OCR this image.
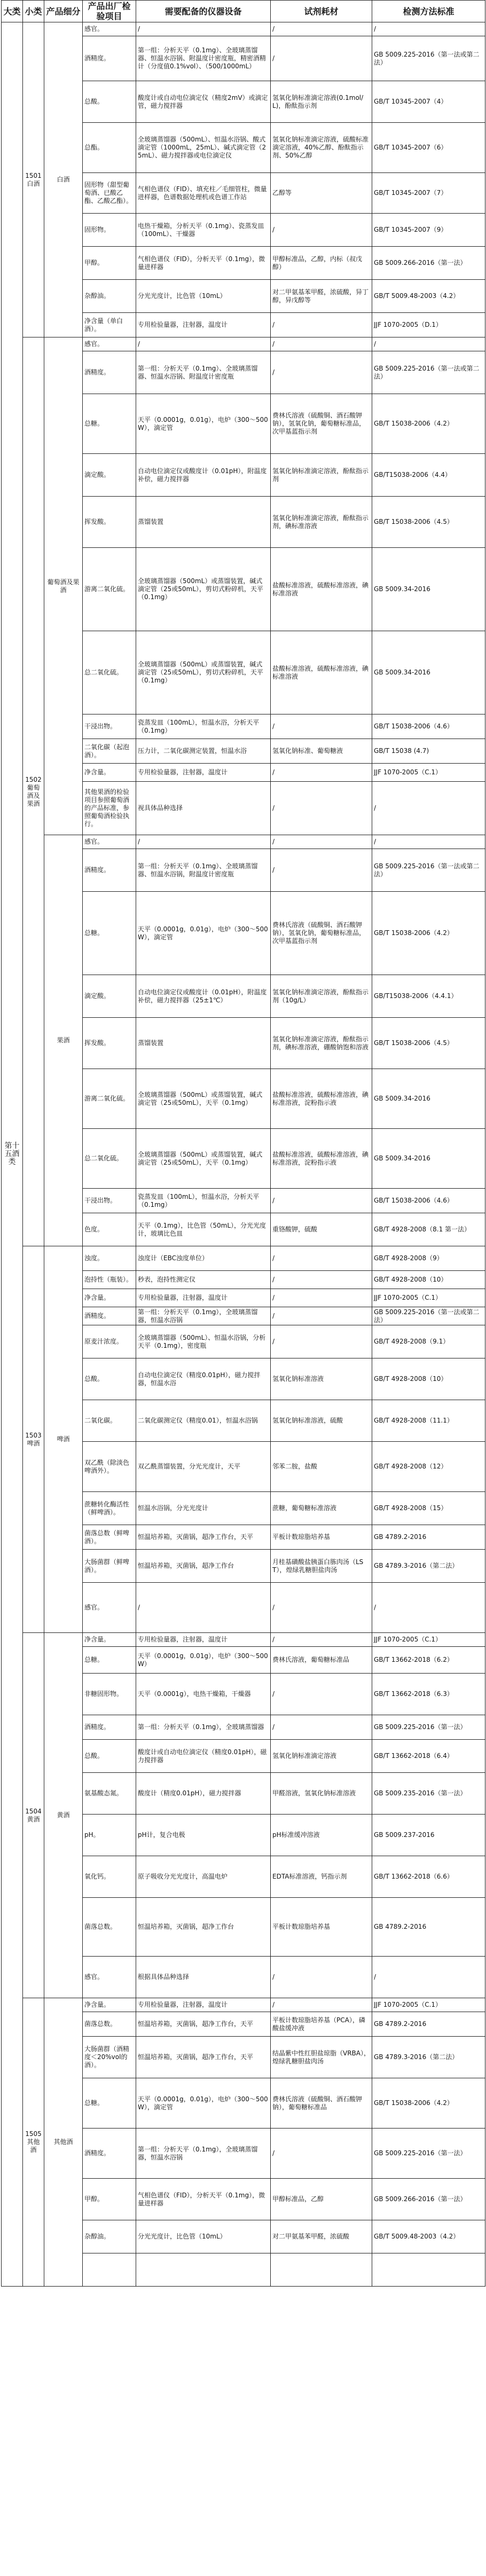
大类	小类	产品细分	产品出厂检验项目	需要配备的仪器设备	试剂耗材	检测方法标准
第十五酒类	1501白酒	白酒	感官。	/	/	/
			酒精度。	第一组：分析天平（0.1mg）、全玻璃蒸馏器、恒温水浴锅、附温度计密度瓶，精密酒精计（分度值0.1%vol）、（500/1000mL）	/	GB 5009.225-2016（第一法或第二法）
			总酸。	酸度计或自动电位滴定仪（精度2mV）或滴定管，磁力搅拌器	氢氧化钠标准滴定溶液(0.1mol/L)，酚酞指示剂	GB/T 10345-2007（4）
			总酯。	全玻璃蒸馏器（500mL）、恒温水浴锅、酸式滴定管（1000mL，25mL）、碱式滴定管（25mL）、磁力搅拌器或电位滴定仪	氢氧化钠标准滴定溶液，硫酸标准滴定溶液，40%乙醇、酚酞指示剂、50%乙醇	GB/T 10345-2007（6）
			固形物（甜型葡萄酒、已酸乙酯、乙酸乙酯）。	气相色谱仪（FID）、填充柱／毛细管柱，微量进样器，色谱数据处理机或色谱工作站	乙醇等	GB/T 10345-2007（7）
			固形物。	电热干燥箱，分析天平（0.1mg）、瓷蒸发皿（100mL）、干燥器	/	GB/T 10345-2007（9）
			甲醇。	气相色谱仪（FID），分析天平（0.1mg），微量进样器	甲醇标准品，乙醇，内标（叔戊醇）	GB 5009.266-2016（第一法）
			杂醇油。	分光光度计，比色管（10mL）	对二甲氨基苯甲醛，浓硫酸，异丁醇，异戊醇等	GB/T 5009.48-2003（4.2）
			净含量（单白酒）。	专用检验量器，注射器，温度计	/	JJF 1070-2005（D.1）
	1502葡萄酒及果酒	葡萄酒及果酒	感官。	/	/	/
			酒精度。	第一组：分析天平（0.1mg）、全玻璃蒸馏器、恒温水浴锅、附温度计密度瓶	/	GB 5009.225-2016（第一法或第二法）
			总糖。	天平（0.0001g，0.01g），电炉（300～500W），滴定管	费林氏溶液（硫酸铜、酒石酸钾钠），氢氧化钠，葡萄糖标准品，次甲基蓝指示剂	GB/T 15038-2006（4.2）
			滴定酸。	自动电位滴定仪或酸度计（0.01pH），附温度补偿，磁力搅拌器	氢氧化钠标准滴定溶液，酚酞指示剂	GB/T15038-2006（4.4）
			挥发酸。	蒸馏装置	氢氧化钠标准滴定溶液，酚酞指示剂，碘标准溶液	GB/T 15038-2006（4.5）
			游离二氧化硫。	全玻璃蒸馏器（500mL）或蒸馏装置，碱式滴定管（25或50mL），剪切式粉碎机，天平（0.1mg）	盐酸标准溶液，硫酸标准溶液，碘标准溶液	GB 5009.34-2016
			总二氧化硫。	全玻璃蒸馏器（500mL）或蒸馏装置，碱式滴定管（25或50mL），剪切式粉碎机，天平（0.1mg）	盐酸标准溶液，硫酸标准溶液，碘标准溶液	GB 5009.34-2016
			干浸出物。	瓷蒸发皿（100mL），恒温水浴，分析天平（0.1mg）	/	GB/T 15038-2006（4.6）
			二氧化碳（起泡酒）。	压力计，二氧化碳测定装置，恒温水浴	氢氧化钠标准、葡萄糖液	GB/T 15038 (4.7)
			净含量。	专用检验量器，注射器，温度计	/	JJF 1070-2005（C.1）
			其他果酒的检验项目参照葡萄酒的产品标准，参照葡萄酒检验执行。	视具体品种选择	/	/
		果酒	感官。	/	/	/
			酒精度。	第一组：分析天平（0.1mg）、全玻璃蒸馏器、恒温水浴锅，附温度计密度瓶	/	GB 5009.225-2016（第一法或第二法）
			总糖。	天平（0.0001g，0.01g），电炉（300～500W），滴定管	费林氏溶液（硫酸铜、酒石酸钾钠），氢氧化钠，葡萄糖标准品，次甲基蓝指示剂	GB/T 15038-2006（4.2）
			滴定酸。	自动电位滴定仪或酸度计（0.01pH），附温度补偿，磁力搅拌器（25±1℃）	氢氧化钠标准滴定溶液，酚酞指示剂（10g/L）	GB/T15038-2006（4.4.1）
			挥发酸。	蒸馏装置	氢氧化钠标准滴定溶液，酚酞指示剂，碘标准溶液，硼酸钠饱和溶液	GB/T 15038-2006（4.5）
			游离二氧化硫。	全玻璃蒸馏器（500mL）或蒸馏装置，碱式滴定管（25或50mL），天平（0.1mg）	盐酸标准溶液，硫酸标准溶液，碘标准溶液，淀粉指示液	GB 5009.34-2016
			总二氧化硫。	全玻璃蒸馏器（500mL）或蒸馏装置，碱式滴定管（25或50mL），天平（0.1mg）	盐酸标准溶液，硫酸标准溶液，碘标准溶液，淀粉指示液	GB 5009.34-2016
			干浸出物。	瓷蒸发皿（100mL），恒温水浴，分析天平（0.1mg）	/	GB/T 15038-2006（4.6）
			色度。	天平（0.1mg），比色管（50mL），分光光度计，玻璃比色皿	重铬酸钾，硫酸	GB/T 4928-2008（8.1 第一法）
	1503啤酒	啤酒	浊度。	浊度计（EBC浊度单位）	/	GB/T 4928-2008（9）
			泡持性（瓶装）。	秒表，泡持性测定仪	/	GB/T 4928-2008（10）
			净含量。	专用检验量器，注射器，温度计	/	JJF 1070-2005（C.1）
			酒精度。	第一组：分析天平（0.1mg），全玻璃蒸馏器，恒温水浴锅	/	GB 5009.225-2016（第一法或第二法）
			原麦汁浓度。	全玻璃蒸馏器（500mL）、恒温水浴锅，分析天平（0.1mg），密度瓶	/	GB/T 4928-2008（9.1）
			总酸。	自动电位滴定仪（精度0.01pH），磁力搅拌器，恒温水浴	氢氧化钠标准溶液	GB/T 4928-2008（10）
			二氧化碳。	二氧化碳测定仪（精度0.01），恒温水浴锅	氢氧化钠标准溶液，硫酸	GB/T 4928-2008（11.1）
			双乙酰（除淡色啤酒外）。	双乙酰蒸馏装置，分光光度计，天平	邻苯二胺，盐酸	GB/T 4928-2008（12）
			蔗糖转化酶活性（鲜啤酒）。	恒温水浴锅，分光光度计	蔗糖，葡萄糖标准溶液	GB/T 4928-2008（15）
			菌落总数（鲜啤酒）。	恒温培养箱，灭菌锅，超净工作台，天平	平板计数琼脂培养基	GB 4789.2-2016
			大肠菌群（鲜啤酒）。	恒温培养箱，灭菌锅，超净工作台	月桂基磺酸盐胰蛋白胨肉汤（LST），煌绿乳糖胆盐肉汤	GB 4789.3-2016（第二法）
			感官。	/	/	/
	1504黄酒	黄酒	净含量。	专用检验量器，注射器，温度计	/	JJF 1070-2005（C.1）
			总糖。	天平（0.0001g，0.01g），电炉（300～500W）	费林氏溶液，葡萄糖标准品	GB/T 13662-2018（6.2）
			非糖固形物。	天平（0.0001g），电热干燥箱，干燥器	/	GB/T 13662-2018（6.3）
			酒精度。	第一组：分析天平（0.1mg），全玻璃蒸馏器	/	GB 5009.225-2016（第一法）
			总酸。	酸度计或自动电位滴定仪（精度0.01pH），磁力搅拌器	氢氧化钠标准滴定溶液	GB/T 13662-2018（6.4）
			氨基酸态氮。	酸度计（精度0.01pH），磁力搅拌器	甲醛溶液，氢氧化钠标准溶液	GB 5009.235-2016（第一法）
			pH。	pH计，复合电极	pH标准缓冲溶液	GB 5009.237-2016
			氧化钙。	原子吸收分光光度计，高温电炉	EDTA标准溶液，钙指示剂	GB/T 13662-2018（6.6）
			菌落总数。	恒温培养箱，灭菌锅，超净工作台	平板计数琼脂培养基	GB 4789.2-2016
			感官。	根据具体品种选择	/	/
	1505其他酒	其他酒	净含量。	专用检验量器，注射器，温度计	/	JJF 1070-2005（C.1）
			菌落总数。	恒温培养箱，灭菌锅，超净工作台，天平	平板计数琼脂培养基（PCA），磷酸盐缓冲液	GB 4789.2-2016
			大肠菌群（酒精度＜20%vol的酒）。	恒温培养箱，灭菌锅，超净工作台，天平	结晶紫中性红胆盐琼脂（VRBA），煌绿乳糖胆盐肉汤	GB 4789.3-2016（第二法）
			总糖。	天平（0.0001g，0.01g），电炉（300～500W），滴定管	费林氏溶液（硫酸铜、酒石酸钾钠），葡萄糖标准品	GB/T 15038-2006（4.2）
			酒精度。	第一组：分析天平（0.1mg），全玻璃蒸馏器，恒温水浴锅	/	GB 5009.225-2016（第一法）
			甲醇。	气相色谱仪（FID），分析天平（0.1mg），微量进样器	甲醇标准品，乙醇	GB 5009.266-2016（第一法）
			杂醇油。	分光光度计，比色管（10mL）	对二甲氨基苯甲醛，浓硫酸	GB/T 5009.48-2003（4.2）
